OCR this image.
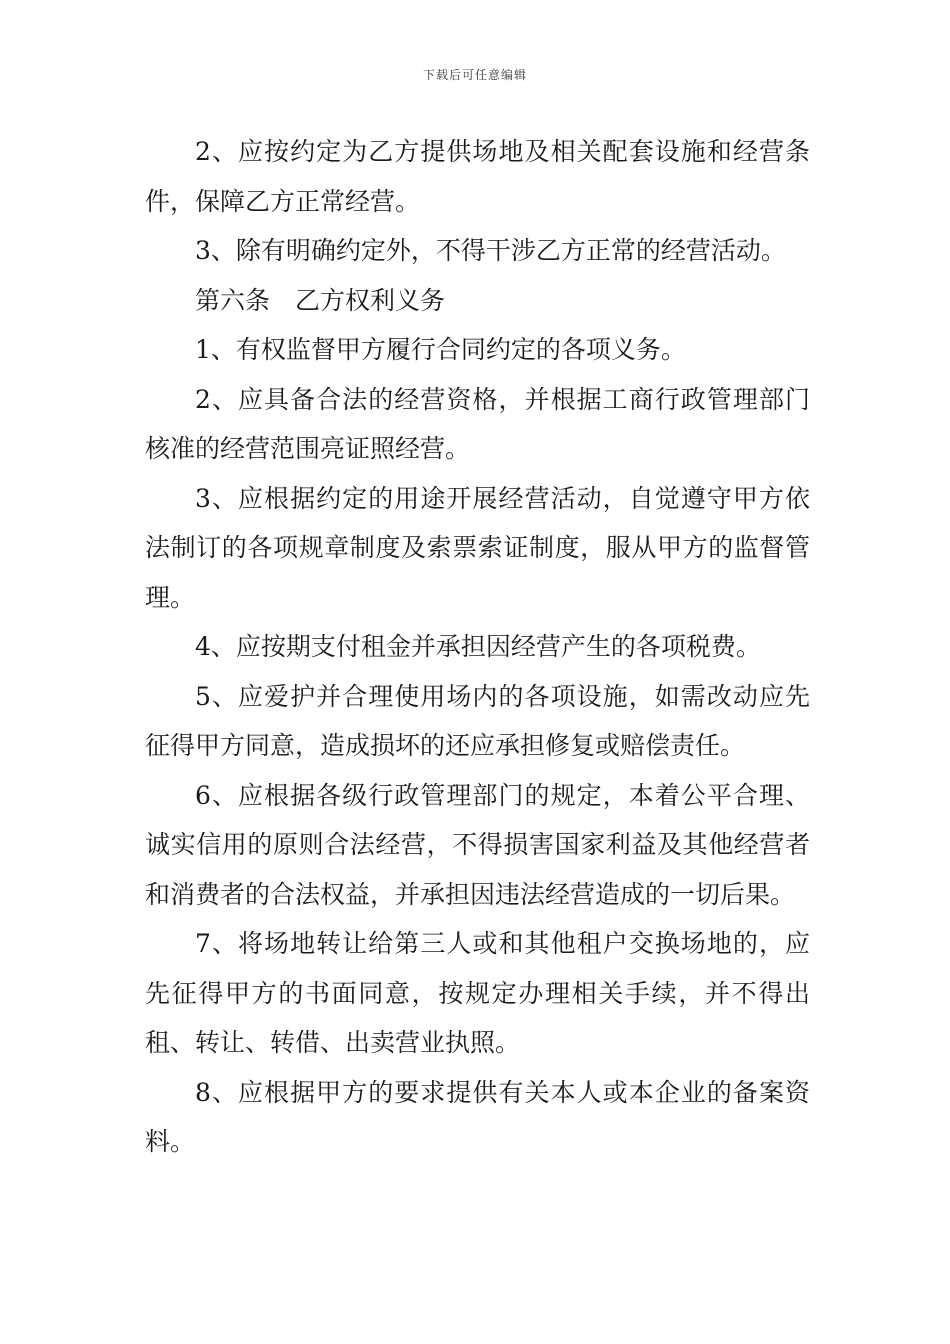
下载后可任意编辑

2、应按约定为乙方提供场地及相关配套设施和经营条件，保障乙方正常经营。

3、除有明确约定外，不得干涉乙方正常的经营活动。

第六条　乙方权利义务

1、有权监督甲方履行合同约定的各项义务。

2、应具备合法的经营资格，并根据工商行政管理部门核准的经营范围亮证照经营。

3、应根据约定的用途开展经营活动，自觉遵守甲方依法制订的各项规章制度及索票索证制度，服从甲方的监督管理。

4、应按期支付租金并承担因经营产生的各项税费。

5、应爱护并合理使用场内的各项设施，如需改动应先征得甲方同意，造成损坏的还应承担修复或赔偿责任。

6、应根据各级行政管理部门的规定，本着公平合理、诚实信用的原则合法经营，不得损害国家利益及其他经营者和消费者的合法权益，并承担因违法经营造成的一切后果。

7、将场地转让给第三人或和其他租户交换场地的，应先征得甲方的书面同意，按规定办理相关手续，并不得出租、转让、转借、出卖营业执照。

8、应根据甲方的要求提供有关本人或本企业的备案资料。
